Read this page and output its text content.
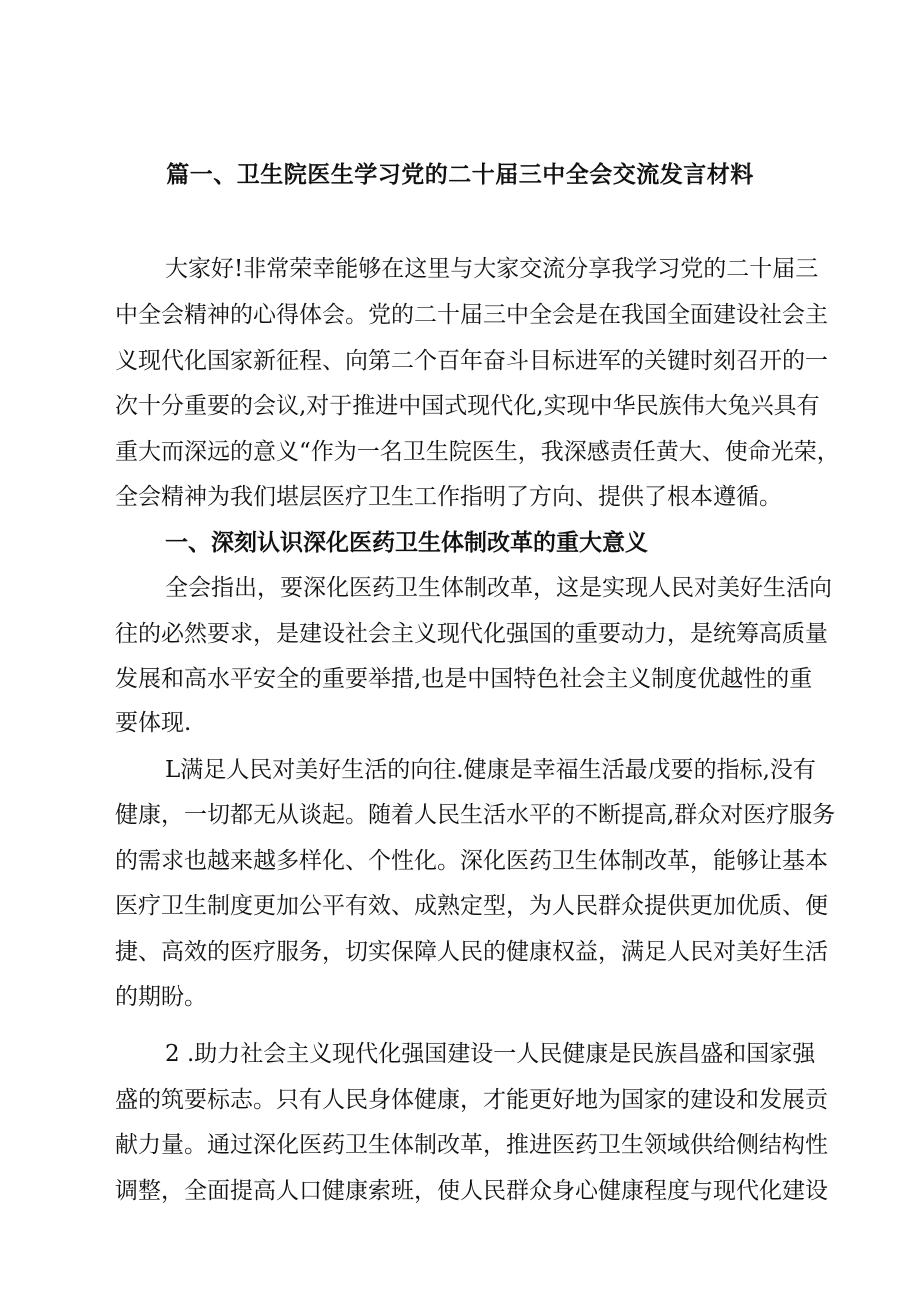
篇一、卫生院医生学习党的二十届三中全会交流发言材料
大家好!非常荣幸能够在这里与大家交流分享我学习党的二十届三
中全会精神的心得体会。党的二十届三中全会是在我国全面建设社会主
义现代化国家新征程、向第二个百年奋斗目标进军的关键时刻召开的一
次十分重要的会议,对于推进中国式现代化,实现中华民族伟大兔兴具有
重大而深远的意义“作为一名卫生院医生，我深感责任黄大、使命光荣，
全会精神为我们堪层医疗卫生工作指明了方向、提供了根本遵循。
一、深刻认识深化医药卫生体制改革的重大意义
全会指出，要深化医药卫生体制改革，这是实现人民对美好生活向
往的必然要求，是建设社会主义现代化强国的重要动力，是统筹高质量
发展和高水平安全的重要举措,也是中国特色社会主义制度优越性的重
要体现.
L满足人民对美好生活的向往.健康是幸福生活最戊要的指标,没有
健康，一切都无从谈起。随着人民生活水平的不断提高,群众对医疗服务
的需求也越来越多样化、个性化。深化医药卫生体制改革，能够让基本
医疗卫生制度更加公平有效、成熟定型，为人民群众提供更加优质、便
捷、高效的医疗服务，切实保障人民的健康权益，满足人民对美好生活
的期盼。
2 .助力社会主义现代化强国建设一人民健康是民族昌盛和国家强
盛的筑要标志。只有人民身体健康，才能更好地为国家的建设和发展贡
献力量。通过深化医药卫生体制改革，推进医药卫生领域供给侧结构性
调整，全面提高人口健康索班，使人民群众身心健康程度与现代化建设
